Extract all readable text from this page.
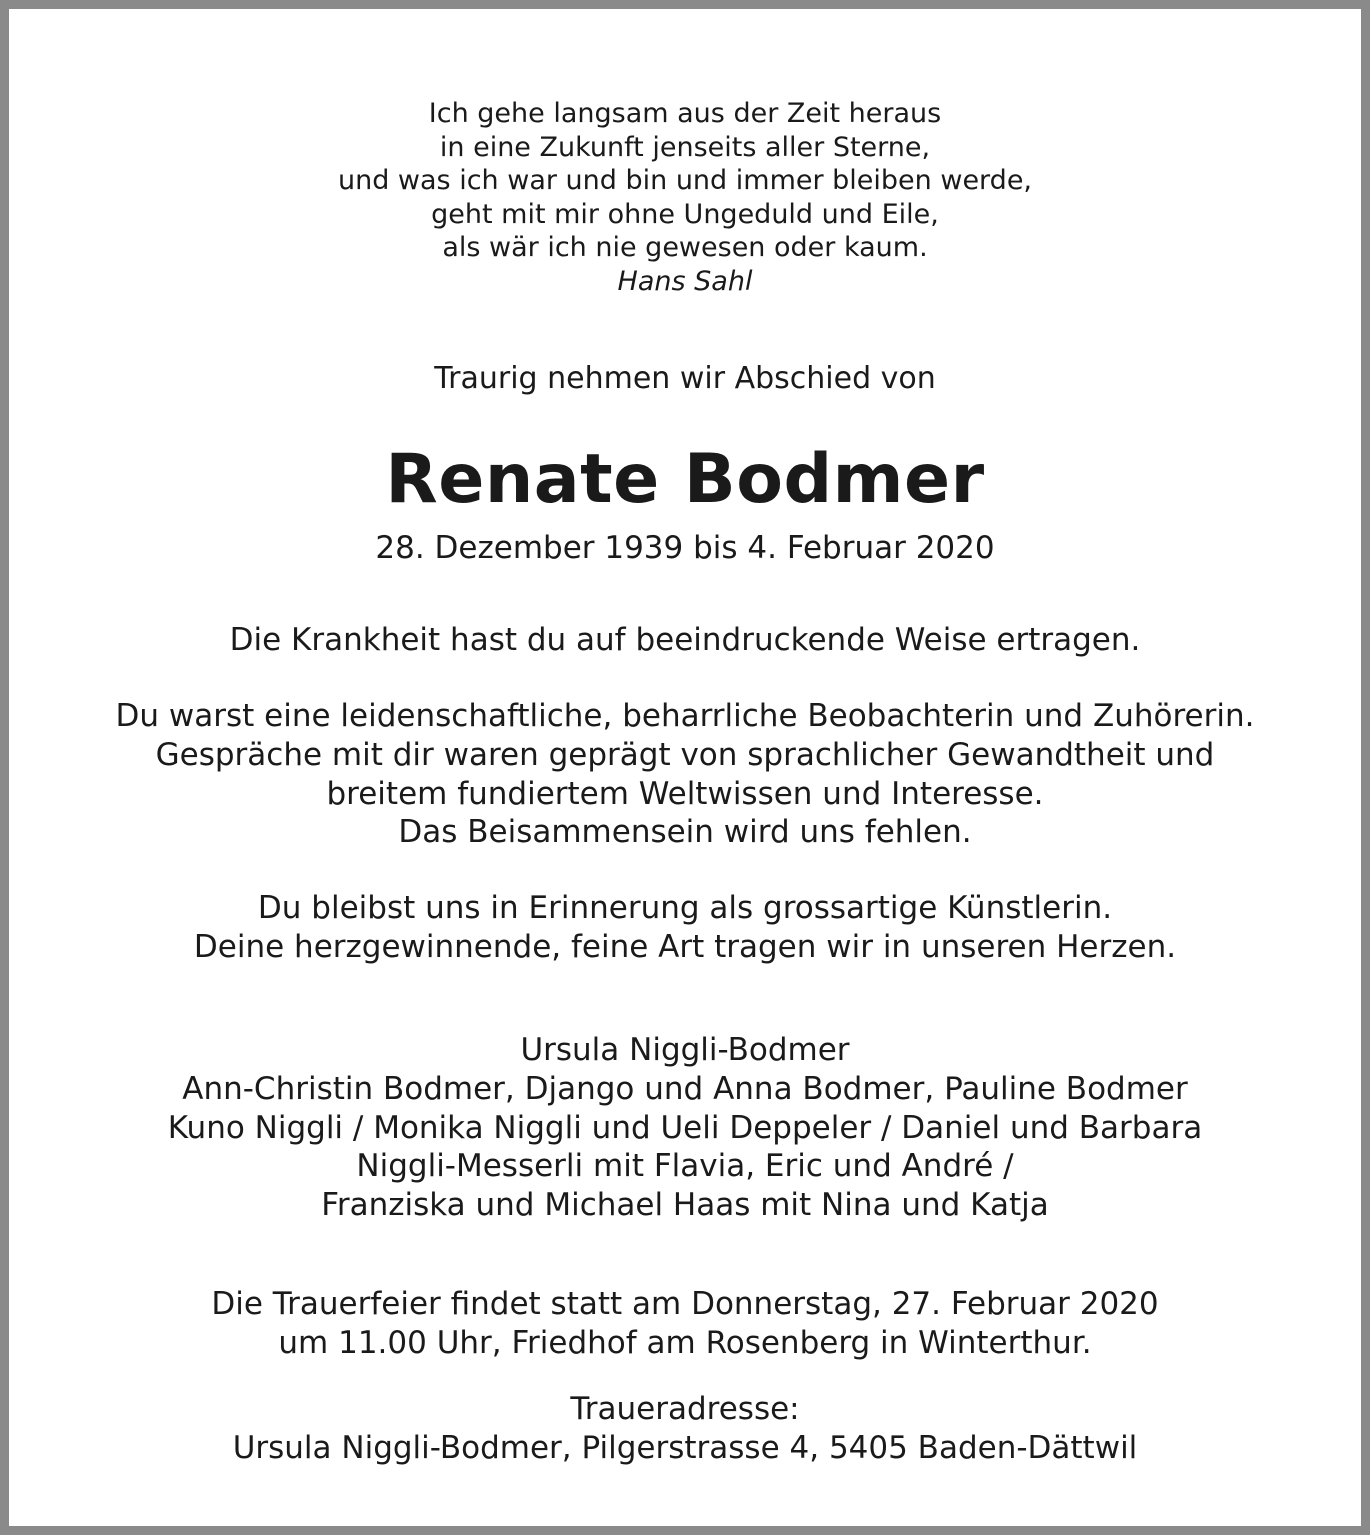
Ich gehe langsam aus der Zeit heraus
in eine Zukunft jenseits aller Sterne,
und was ich war und bin und immer bleiben werde,
geht mit mir ohne Ungeduld und Eile,
als wär ich nie gewesen oder kaum.
Hans Sahl
Traurig nehmen wir Abschied von
Renate Bodmer
28. Dezember 1939 bis 4. Februar 2020
Die Krankheit hast du auf beeindruckende Weise ertragen.
Du warst eine leidenschaftliche, beharrliche Beobachterin und Zuhörerin.
Gespräche mit dir waren geprägt von sprachlicher Gewandtheit und
breitem fundiertem Weltwissen und Interesse.
Das Beisammensein wird uns fehlen.
Du bleibst uns in Erinnerung als grossartige Künstlerin.
Deine herzgewinnende, feine Art tragen wir in unseren Herzen.
Ursula Niggli-Bodmer
Ann-Christin Bodmer, Django und Anna Bodmer, Pauline Bodmer
Kuno Niggli / Monika Niggli und Ueli Deppeler / Daniel und Barbara
Niggli-Messerli mit Flavia, Eric und André /
Franziska und Michael Haas mit Nina und Katja
Die Trauerfeier findet statt am Donnerstag, 27. Februar 2020
um 11.00 Uhr, Friedhof am Rosenberg in Winterthur.
Traueradresse:
Ursula Niggli-Bodmer, Pilgerstrasse 4, 5405 Baden-Dättwil
